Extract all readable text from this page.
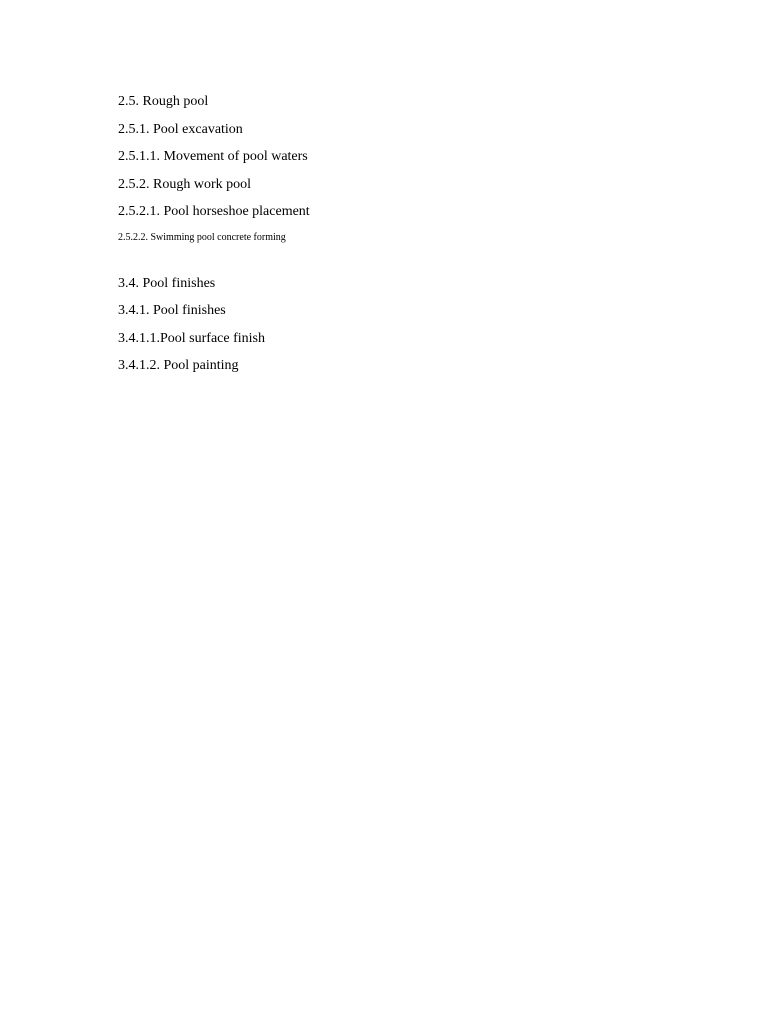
2.5. Rough pool

2.5.1. Pool excavation

2.5.1.1. Movement of pool waters

2.5.2. Rough work pool

2.5.2.1. Pool horseshoe placement

2.5.2.2. Swimming pool concrete forming

3.4. Pool finishes

3.4.1. Pool finishes

3.4.1.1.Pool surface finish

3.4.1.2. Pool painting
